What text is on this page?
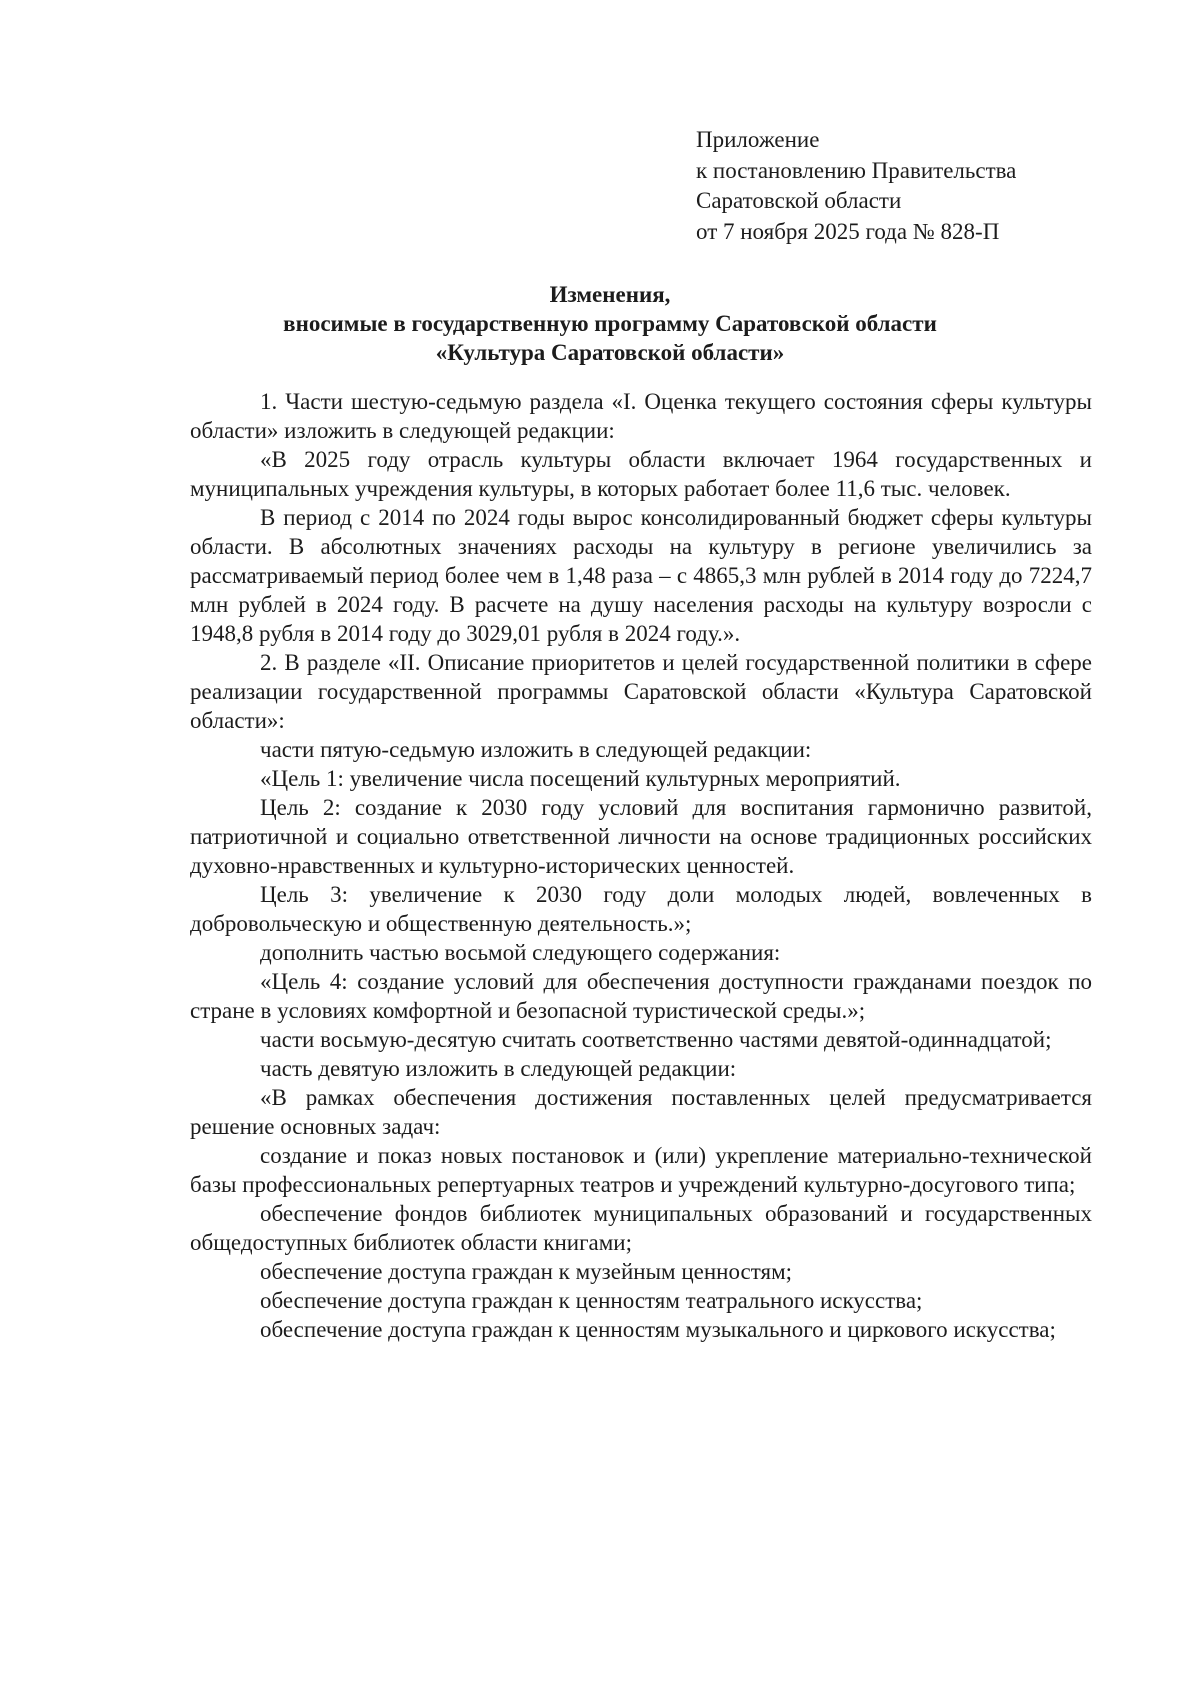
Приложение
к постановлению Правительства
Саратовской области
от 7 ноября 2025 года № 828-П
Изменения,
вносимые в государственную программу Саратовской области
«Культура Саратовской области»

1. Части шестую-седьмую раздела «I. Оценка текущего состояния сферы культуры области» изложить в следующей редакции:

«В 2025 году отрасль культуры области включает 1964 государственных и муниципальных учреждения культуры, в которых работает более 11,6 тыс. человек.

В период с 2014 по 2024 годы вырос консолидированный бюджет сферы культуры области. В абсолютных значениях расходы на культуру в регионе увеличились за рассматриваемый период более чем в 1,48 раза – с 4865,3 млн рублей в 2014 году до 7224,7 млн рублей в 2024 году. В расчете на душу населения расходы на культуру возросли с 1948,8 рубля в 2014 году до 3029,01 рубля в 2024 году.».

2. В разделе «II. Описание приоритетов и целей государственной политики в сфере реализации государственной программы Саратовской области «Культура Саратовской области»:

части пятую-седьмую изложить в следующей редакции:

«Цель 1: увеличение числа посещений культурных мероприятий.

Цель 2: создание к 2030 году условий для воспитания гармонично развитой, патриотичной и социально ответственной личности на основе традиционных российских духовно-нравственных и культурно-исторических ценностей.

Цель 3: увеличение к 2030 году доли молодых людей, вовлеченных в добровольческую и общественную деятельность.»;

дополнить частью восьмой следующего содержания:

«Цель 4: создание условий для обеспечения доступности гражданами поездок по стране в условиях комфортной и безопасной туристической среды.»;

части восьмую-десятую считать соответственно частями девятой-одиннадцатой;

часть девятую изложить в следующей редакции:

«В рамках обеспечения достижения поставленных целей предусматривается решение основных задач:

создание и показ новых постановок и (или) укрепление материально-технической базы профессиональных репертуарных театров и учреждений культурно-досугового типа;

обеспечение фондов библиотек муниципальных образований и государственных общедоступных библиотек области книгами;

обеспечение доступа граждан к музейным ценностям;

обеспечение доступа граждан к ценностям театрального искусства;

обеспечение доступа граждан к ценностям музыкального и циркового искусства;
